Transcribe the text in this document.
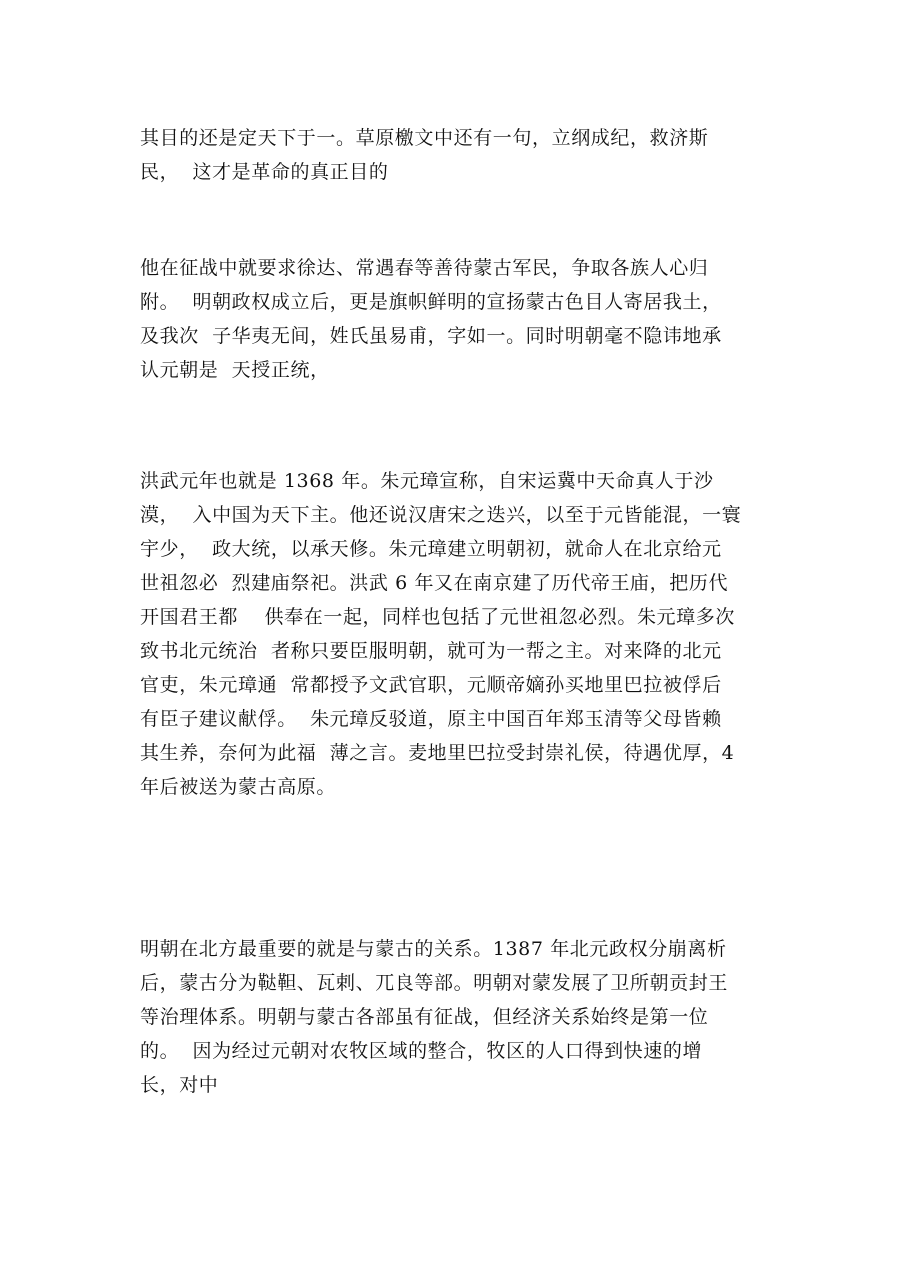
其目的还是定天下于一。草原檄文中还有一句，立纲成纪，救济斯
民，  这才是革命的真正目的
他在征战中就要求徐达、常遇春等善待蒙古军民，争取各族人心归
附。  明朝政权成立后，更是旗帜鲜明的宣扬蒙古色目人寄居我土，
及我次  子华夷无间，姓氏虽易甫，字如一。同时明朝毫不隐讳地承
认元朝是  天授正统，
洪武元年也就是 1368 年。朱元璋宣称，自宋运冀中天命真人于沙
漠，  入中国为天下主。他还说汉唐宋之迭兴，以至于元皆能混，一寰
宇少，  政大统，以承天修。朱元璋建立明朝初，就命人在北京给元
世祖忽必  烈建庙祭祀。洪武 6 年又在南京建了历代帝王庙，把历代
开国君王都    供奉在一起，同样也包括了元世祖忽必烈。朱元璋多次
致书北元统治  者称只要臣服明朝，就可为一帮之主。对来降的北元
官吏，朱元璋通  常都授予文武官职，元顺帝嫡孙买地里巴拉被俘后
有臣子建议献俘。  朱元璋反驳道，原主中国百年郑玉清等父母皆赖
其生养，奈何为此福  薄之言。麦地里巴拉受封崇礼侯，待遇优厚，4
年后被送为蒙古高原。
明朝在北方最重要的就是与蒙古的关系。1387 年北元政权分崩离析
后，蒙古分为鞑靼、瓦剌、兀良等部。明朝对蒙发展了卫所朝贡封王
等治理体系。明朝与蒙古各部虽有征战，但经济关系始终是第一位
的。  因为经过元朝对农牧区域的整合，牧区的人口得到快速的增
长，对中
